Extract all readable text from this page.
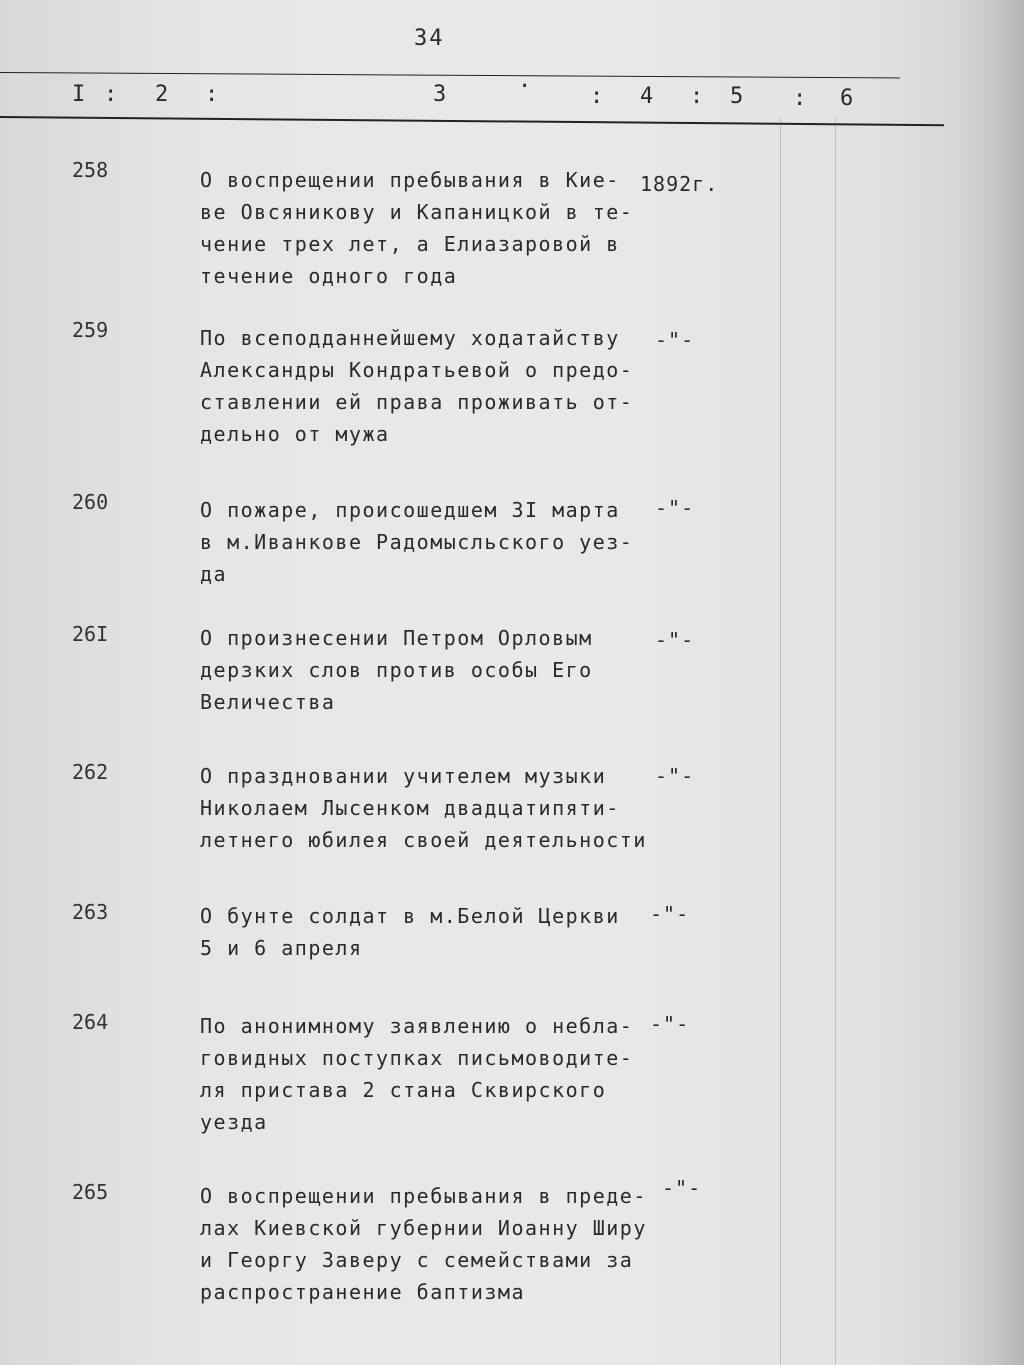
34
I : 2 :	3	·	: 4 : 5 : 6
258	О воспрещении пребывания в Кие-
ве Овсяникову и Капаницкой в те-
чение трех лет, а Елиазаровой в
течение одного года
1892г.
259	По всеподданнейшему ходатайству
Александры Кондратьевой о предо-
ставлении ей права проживать от-
дельно от мужа
-"-
260	О пожаре, происошедшем 3I марта
в м.Иванкове Радомысльского уез-
да
-"-
26I	О произнесении Петром Орловым
дерзких слов против особы Его
Величества
-"-
262	О праздновании учителем музыки
Николаем Лысенком двадцатипяти-
летнего юбилея своей деятельности
-"-
263	О бунте солдат в м.Белой Церкви
5 и 6 апреля
-"-
264	По анонимному заявлению о небла-
говидных поступках письмоводите-
ля пристава 2 стана Сквирского
уезда
-"-
265	О воспрещении пребывания в преде-
лах Киевской губернии Иоанну Ширу
и Георгу Заверу с семействами за
распространение баптизма
-"-
